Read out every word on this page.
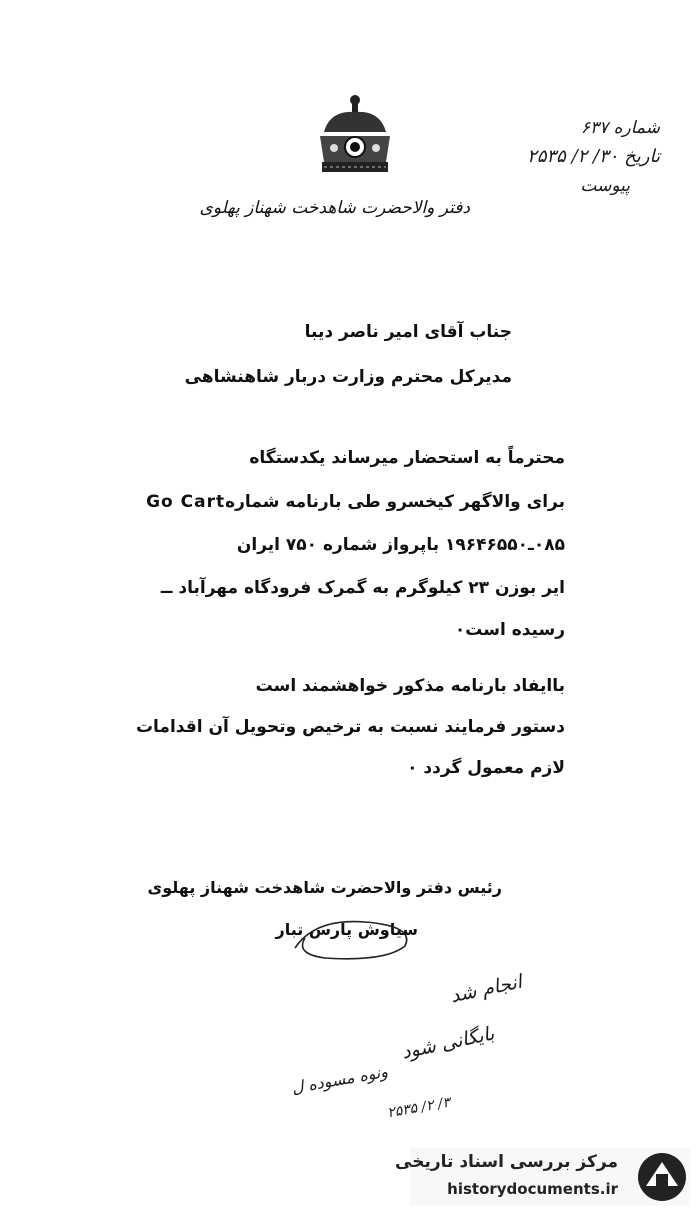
شماره ۶۳۷
تاریخ ۳۰/ ۲/ ۲۵۳۵
پیوست
دفتر والاحضرت شاهدخت شهناز پهلوی
جناب آقای امیر ناصر دیبا
مدیرکل محترم وزارت دربار شاهنشاهی
محترماً به استحضار میرساند یکدستگاه
Go Cartبرای والاگهر کیخسرو طی بارنامه شماره
۰۸۵ـ۱۹۶۴۶۵۵۰ باپرواز شماره ۷۵۰ ایران
ایر بوزن ۲۳ کیلوگرم به گمرک فرودگاه مهرآباد ــ
رسیده است٠
باایفاد بارنامه مذکور خواهشمند است
دستور فرمایند نسبت به ترخیص وتحویل آن اقدامات
لازم معمول گردد ٠
رئیس دفتر والاحضرت شاهدخت شهناز پهلوی
سیاوش پارس تبار
انجام شد
بایگانی شود
ونوه مسوده ل
۲۵۳۵ /۲ /۳
مرکز بررسی اسناد تاریخی
historydocuments.ir
